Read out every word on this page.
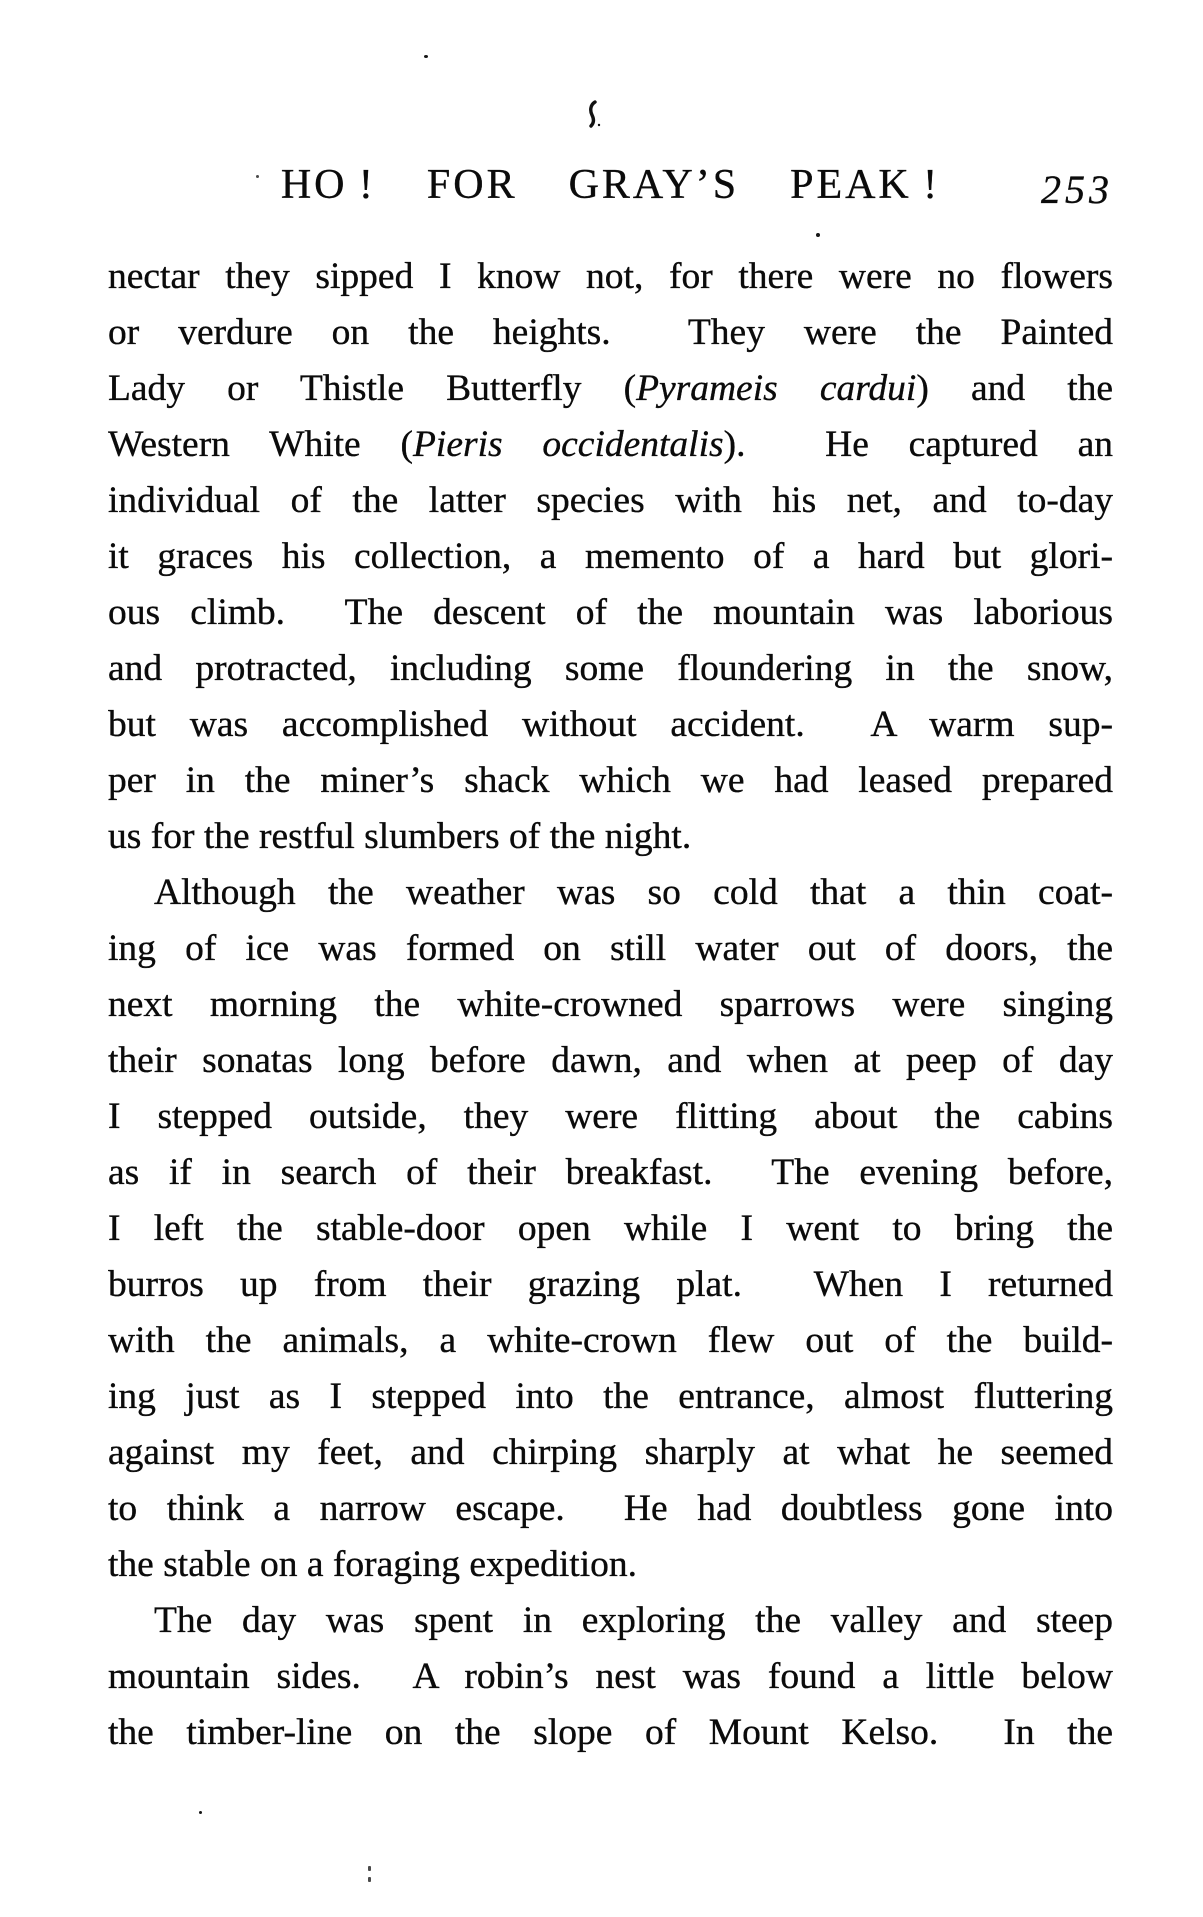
HO !  FOR  GRAY’S  PEAK !	253

nectar they sipped I know not, for there were no flowers

or verdure on the heights.  They were the Painted

Lady or Thistle Butterfly (Pyrameis cardui) and the

Western White (Pieris occidentalis).  He captured an

individual of the latter species with his net, and to-day

it graces his collection, a memento of a hard but glori-

ous climb.  The descent of the mountain was laborious

and protracted, including some floundering in the snow,

but was accomplished without accident.  A warm sup-

per in the miner’s shack which we had leased prepared

us for the restful slumbers of the night.

Although the weather was so cold that a thin coat-

ing of ice was formed on still water out of doors, the

next morning the white-crowned sparrows were singing

their sonatas long before dawn, and when at peep of day

I stepped outside, they were flitting about the cabins

as if in search of their breakfast.  The evening before,

I left the stable-door open while I went to bring the

burros up from their grazing plat.  When I returned

with the animals, a white-crown flew out of the build-

ing just as I stepped into the entrance, almost fluttering

against my feet, and chirping sharply at what he seemed

to think a narrow escape.  He had doubtless gone into

the stable on a foraging expedition.

The day was spent in exploring the valley and steep

mountain sides.  A robin’s nest was found a little below

the timber-line on the slope of Mount Kelso.  In the
